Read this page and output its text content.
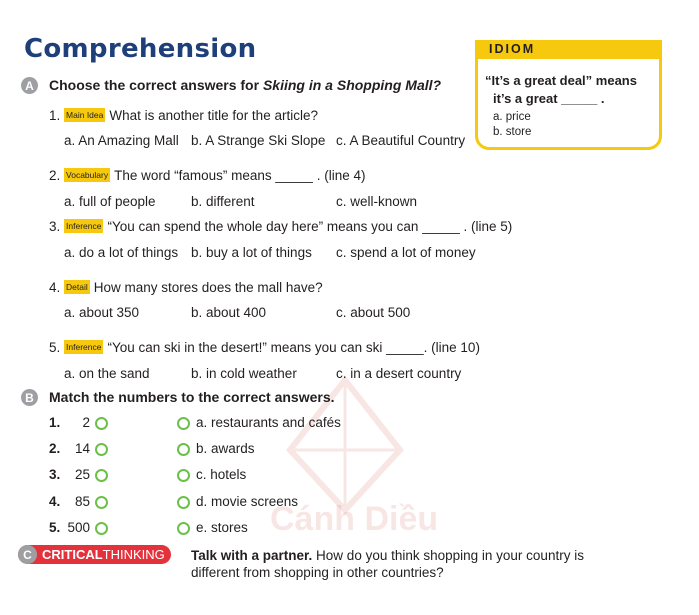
Comprehension
Cánh Diều
IDIOM
“It’s a great deal” means
it’s a great _____ .
a. price
b. store
A Choose the correct answers for Skiing in a Shopping Mall?
1. Main Idea What is another title for the article?
a. An Amazing Mall b. A Strange Ski Slope c. A Beautiful Country
2. Vocabulary The word “famous” means _____ . (line 4)
a. full of people	b. different	c. well-known
3. Inference “You can spend the whole day here” means you can _____ . (line 5)
a. do a lot of things b. buy a lot of things c. spend a lot of money
4. Detail How many stores does the mall have?
a. about 350	b. about 400	c. about 500
5. Inference “You can ski in the desert!” means you can ski _____. (line 10)
a. on the sand	b. in cold weather	c. in a desert country
B Match the numbers to the correct answers.
1.	2	a. restaurants and cafés
2.	14	b. awards
3.	25	c. hotels
4.	85	d. movie screens
5. 500	e. stores
C CRITICAL THINKING Talk with a partner. How do you think shopping in your country is
different from shopping in other countries?
